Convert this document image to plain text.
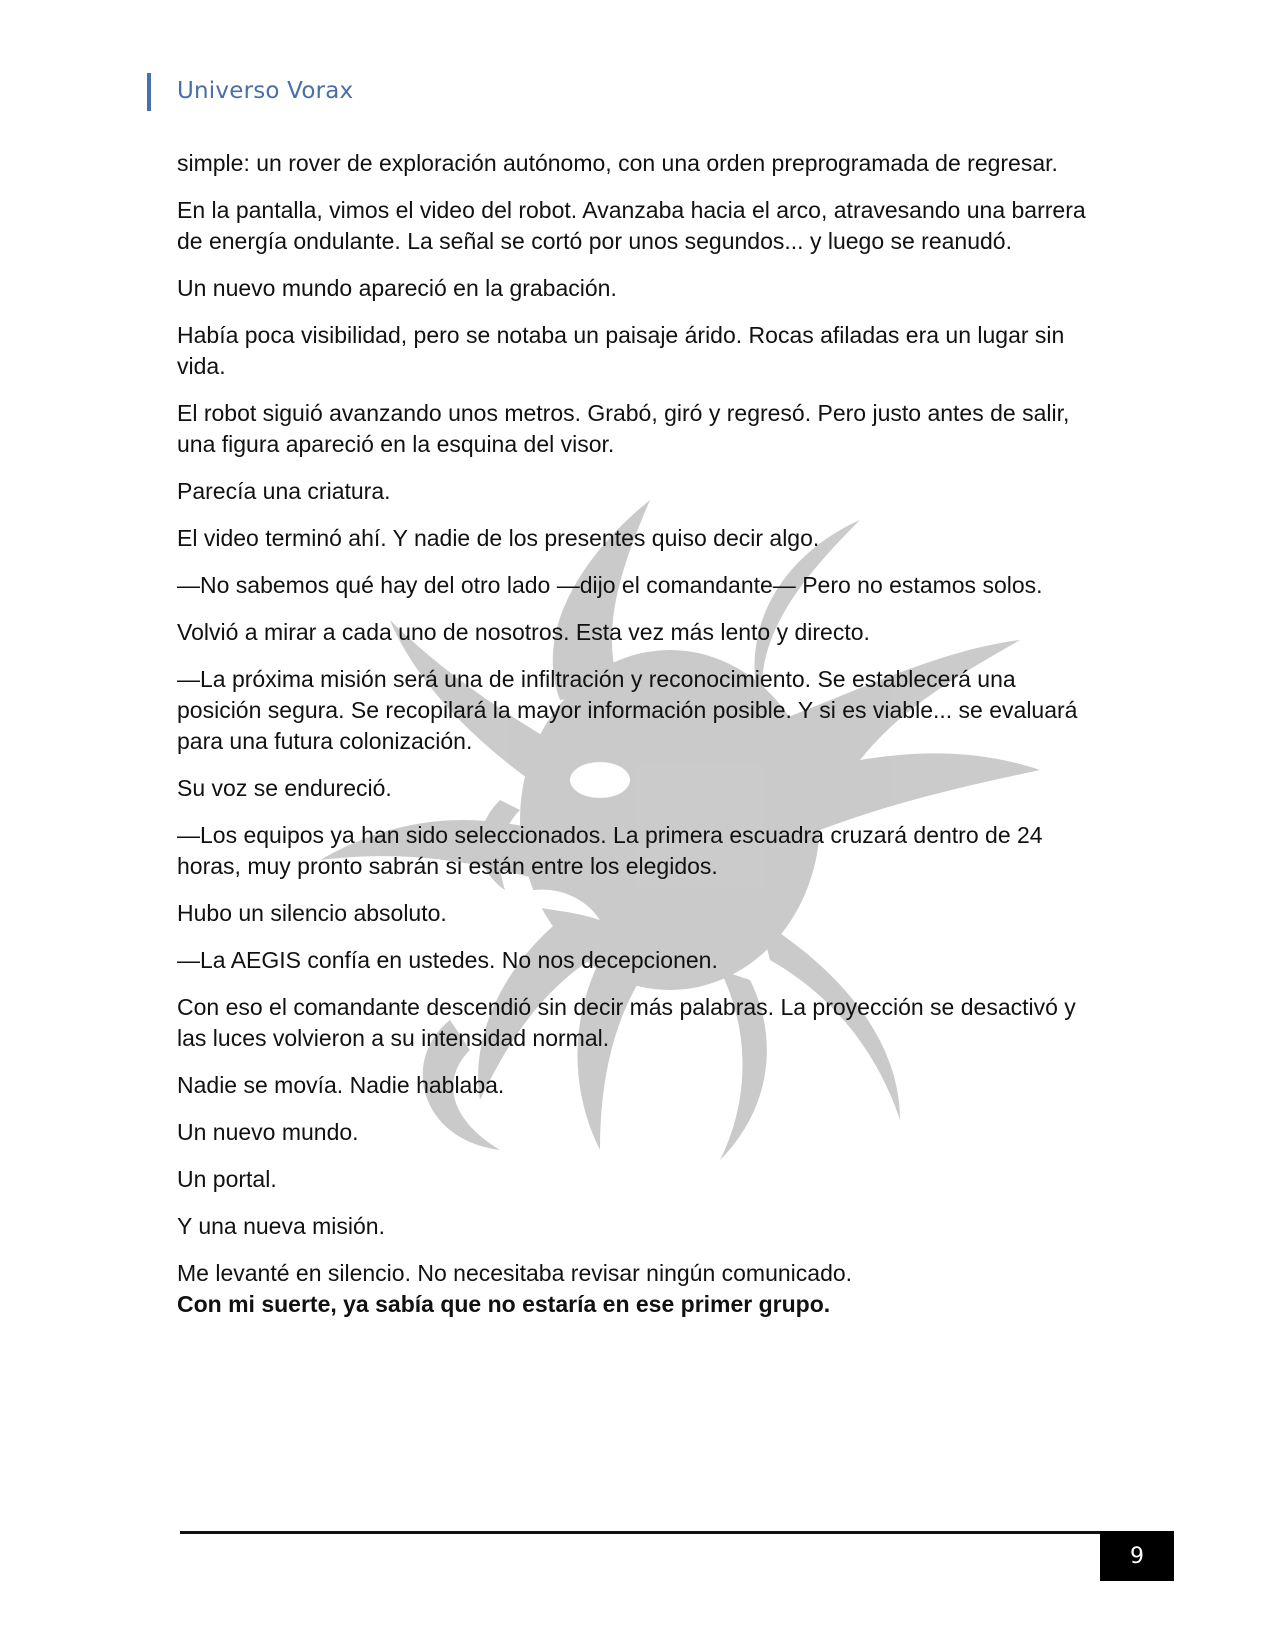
Universo Vorax

simple: un rover de exploración autónomo, con una orden preprogramada de regresar.

En la pantalla, vimos el video del robot. Avanzaba hacia el arco, atravesando una barrera de energía ondulante. La señal se cortó por unos segundos... y luego se reanudó.

Un nuevo mundo apareció en la grabación.

Había poca visibilidad, pero se notaba un paisaje árido. Rocas afiladas era un lugar sin vida.

El robot siguió avanzando unos metros. Grabó, giró y regresó. Pero justo antes de salir, una figura apareció en la esquina del visor.

Parecía una criatura.

El video terminó ahí. Y nadie de los presentes quiso decir algo.

—No sabemos qué hay del otro lado —dijo el comandante— Pero no estamos solos.

Volvió a mirar a cada uno de nosotros. Esta vez más lento y directo.

—La próxima misión será una de infiltración y reconocimiento. Se establecerá una posición segura. Se recopilará la mayor información posible. Y si es viable... se evaluará para una futura colonización.

Su voz se endureció.

—Los equipos ya han sido seleccionados. La primera escuadra cruzará dentro de 24 horas, muy pronto sabrán si están entre los elegidos.

Hubo un silencio absoluto.

—La AEGIS confía en ustedes. No nos decepcionen.

Con eso el comandante descendió sin decir más palabras. La proyección se desactivó y las luces volvieron a su intensidad normal.

Nadie se movía. Nadie hablaba.

Un nuevo mundo.

Un portal.

Y una nueva misión.

Me levanté en silencio. No necesitaba revisar ningún comunicado.
Con mi suerte, ya sabía que no estaría en ese primer grupo.

9
